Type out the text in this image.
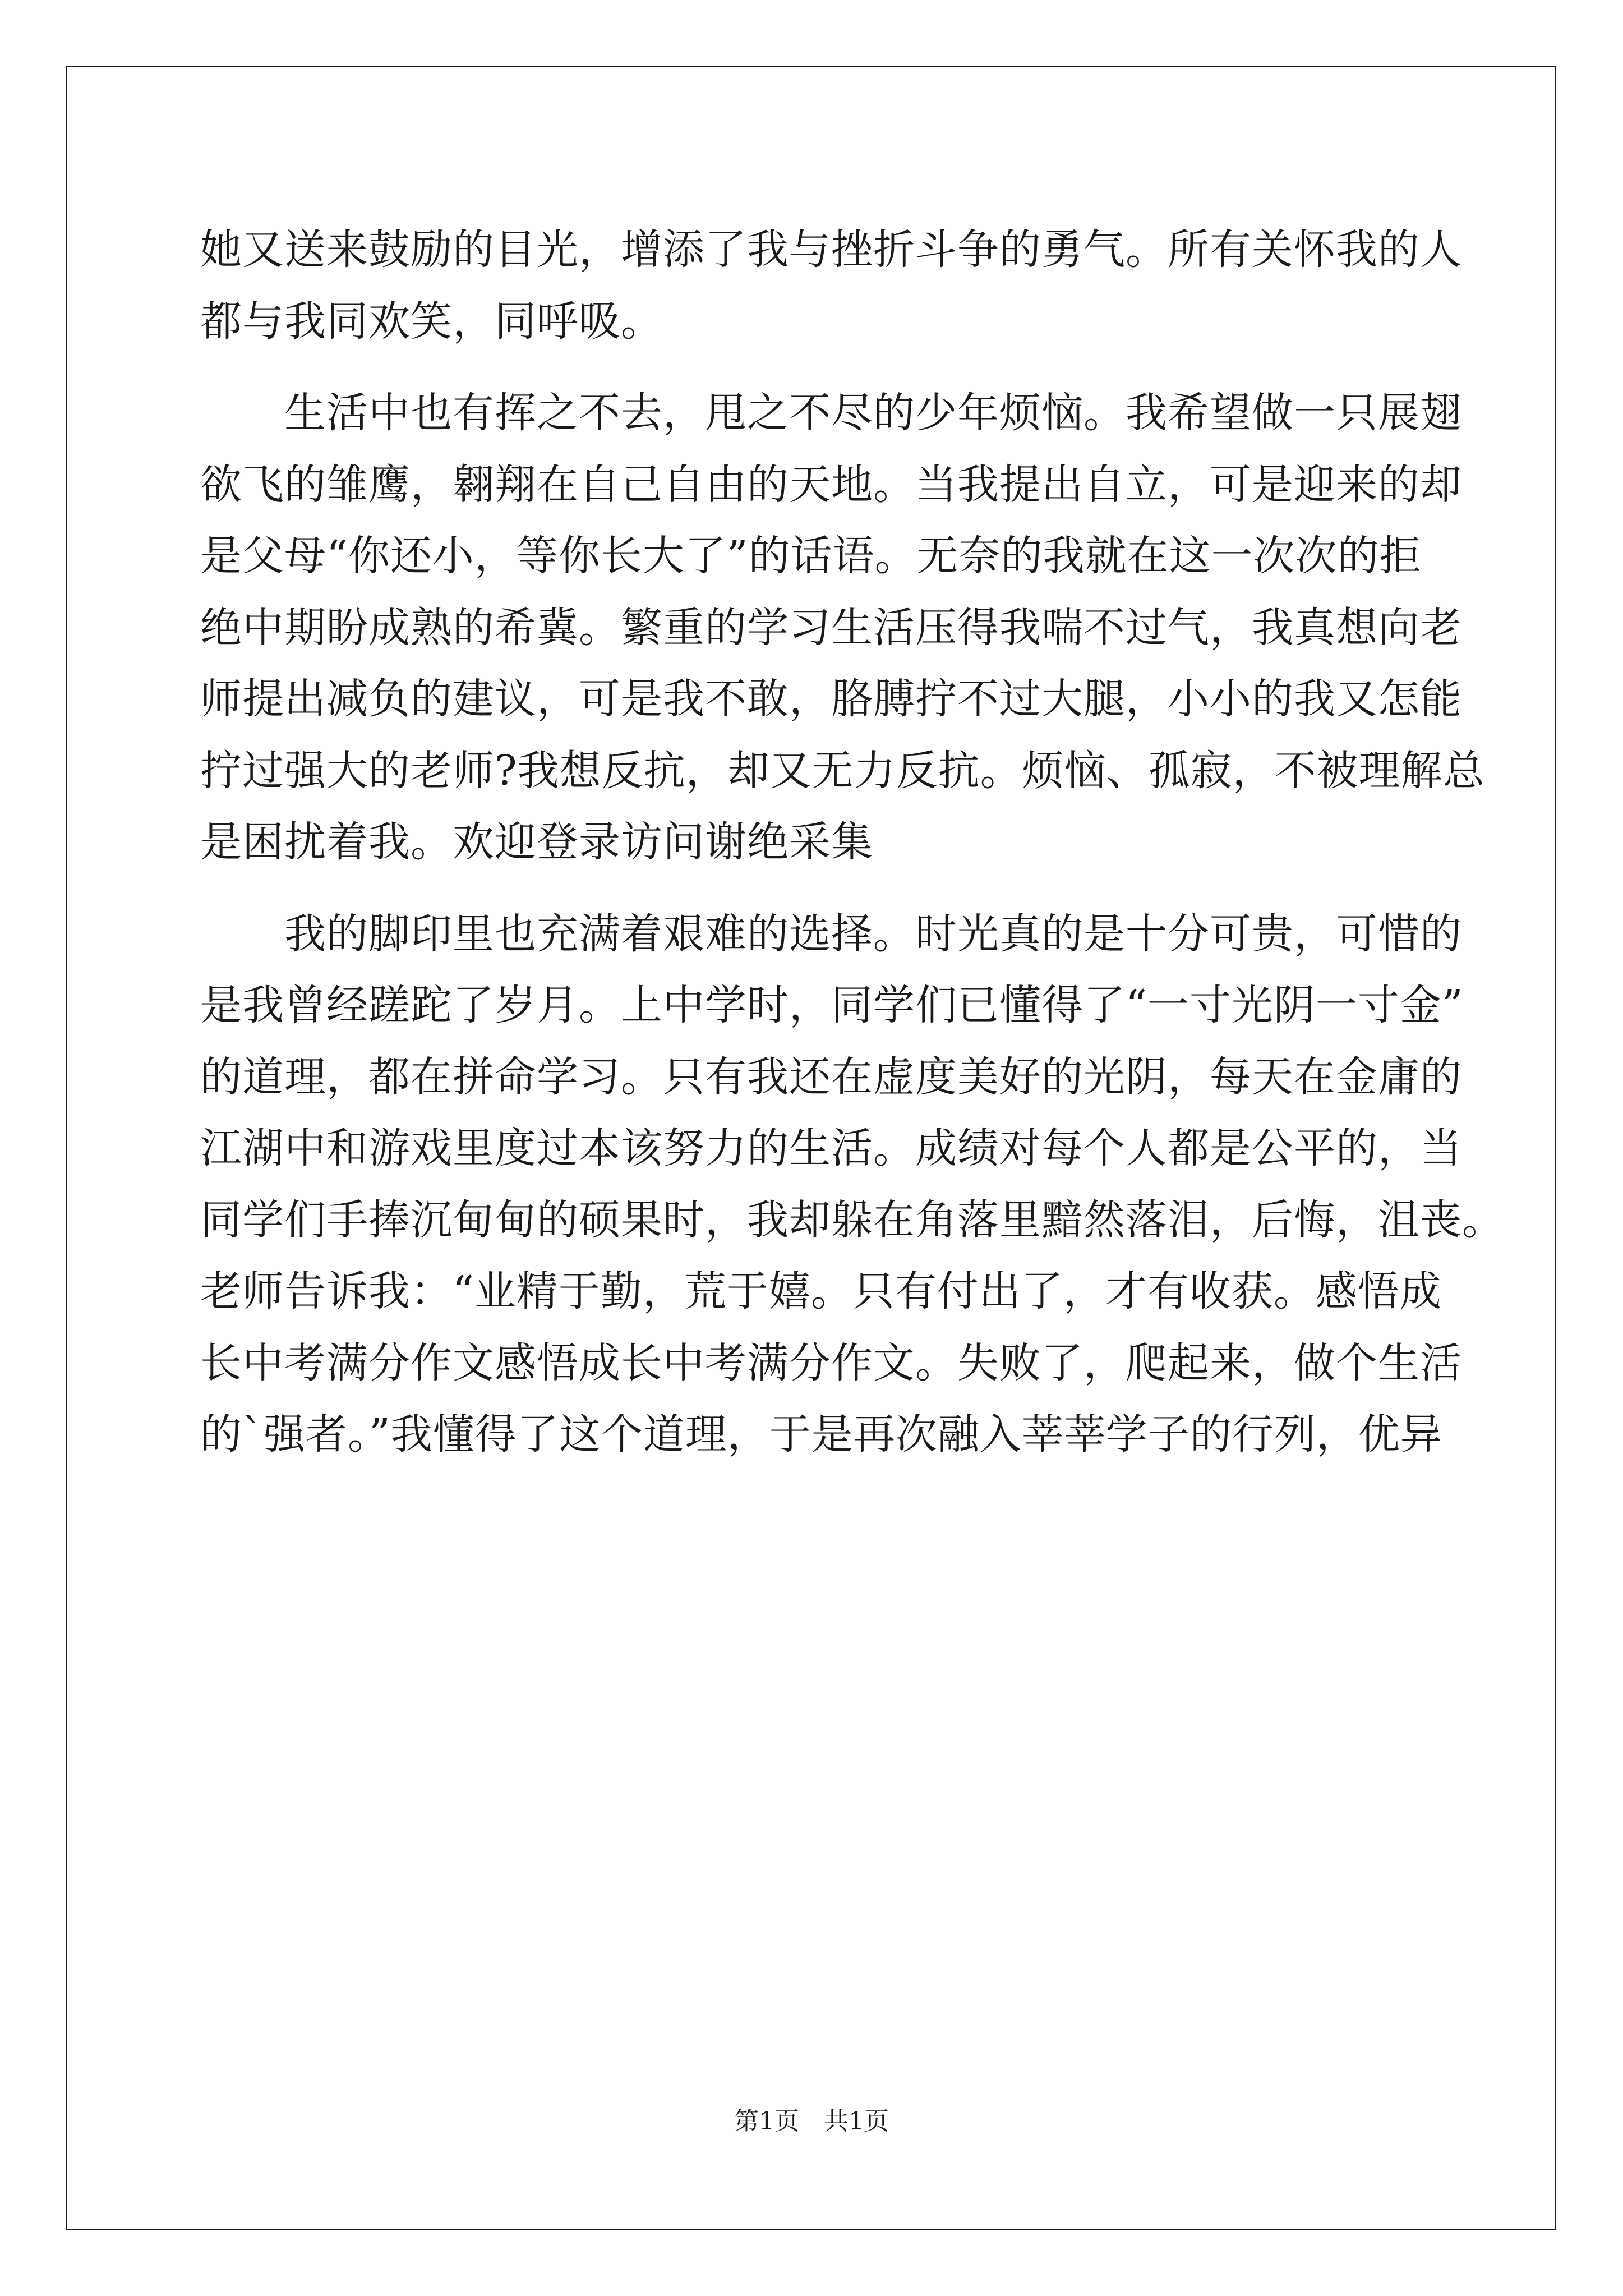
她又送来鼓励的目光，增添了我与挫折斗争的勇气。所有关怀我的人
都与我同欢笑，同呼吸。
　　生活中也有挥之不去，甩之不尽的少年烦恼。我希望做一只展翅
欲飞的雏鹰，翱翔在自己自由的天地。当我提出自立，可是迎来的却
是父母“你还小，等你长大了”的话语。无奈的我就在这一次次的拒
绝中期盼成熟的希冀。繁重的学习生活压得我喘不过气，我真想向老
师提出减负的建议，可是我不敢，胳膊拧不过大腿，小小的我又怎能
拧过强大的老师?我想反抗，却又无力反抗。烦恼、孤寂，不被理解总
是困扰着我。欢迎登录访问谢绝采集
　　我的脚印里也充满着艰难的选择。时光真的是十分可贵，可惜的
是我曾经蹉跎了岁月。上中学时，同学们已懂得了“一寸光阴一寸金”
的道理，都在拼命学习。只有我还在虚度美好的光阴，每天在金庸的
江湖中和游戏里度过本该努力的生活。成绩对每个人都是公平的，当
同学们手捧沉甸甸的硕果时，我却躲在角落里黯然落泪，后悔，沮丧。
老师告诉我：“业精于勤，荒于嬉。只有付出了，才有收获。感悟成
长中考满分作文感悟成长中考满分作文。失败了，爬起来，做个生活
的`强者。”我懂得了这个道理，于是再次融入莘莘学子的行列，优异
第1页　共1页
